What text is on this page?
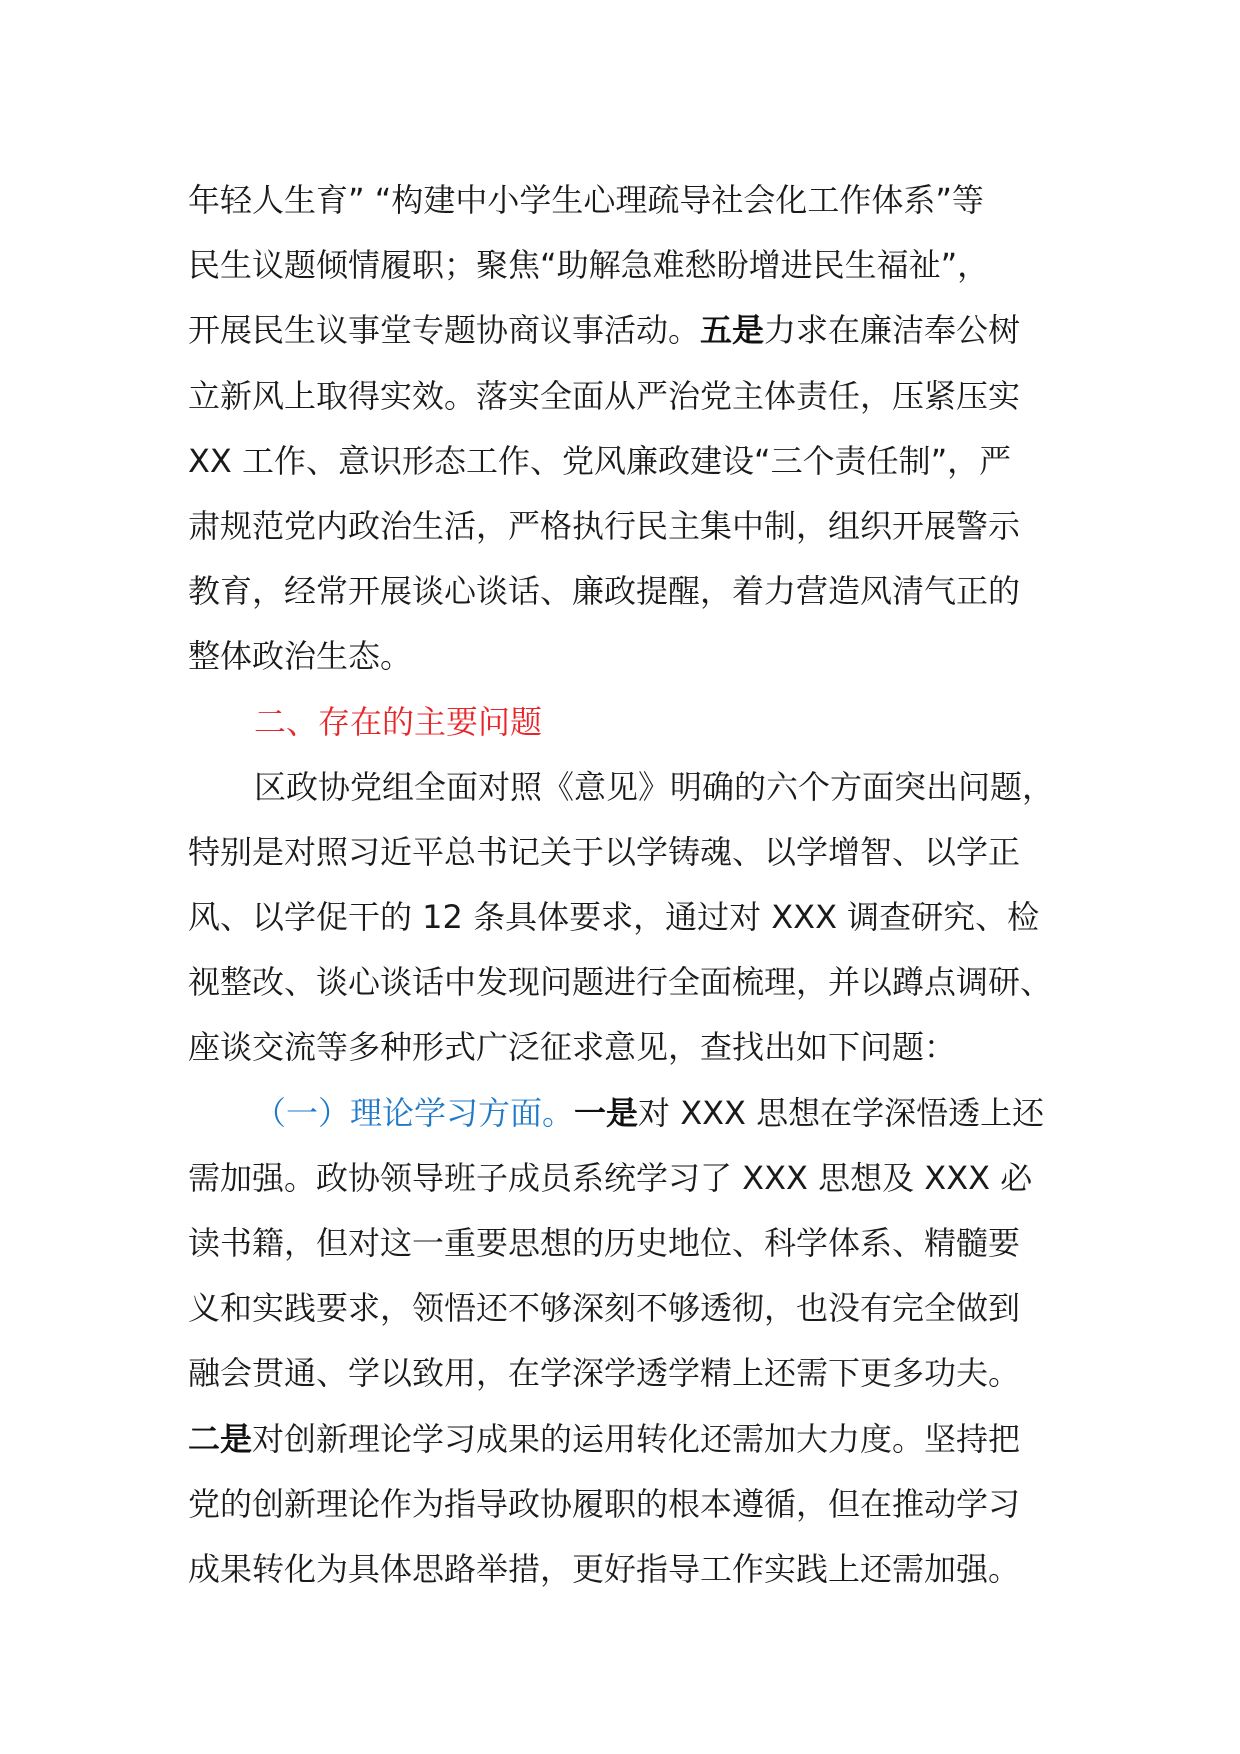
年轻人生育” “构建中小学生心理疏导社会化工作体系”等
民生议题倾情履职；聚焦“助解急难愁盼增进民生福祉”，
开展民生议事堂专题协商议事活动。五是力求在廉洁奉公树
立新风上取得实效。落实全面从严治党主体责任，压紧压实
XX 工作、意识形态工作、党风廉政建设“三个责任制”，严
肃规范党内政治生活，严格执行民主集中制，组织开展警示
教育，经常开展谈心谈话、廉政提醒，着力营造风清气正的
整体政治生态。
二、存在的主要问题
区政协党组全面对照《意见》明确的六个方面突出问题，
特别是对照习近平总书记关于以学铸魂、以学增智、以学正
风、以学促干的 12 条具体要求，通过对 XXX 调查研究、检
视整改、谈心谈话中发现问题进行全面梳理，并以蹲点调研、
座谈交流等多种形式广泛征求意见，查找出如下问题：
（一）理论学习方面。一是对 XXX 思想在学深悟透上还
需加强。政协领导班子成员系统学习了 XXX 思想及 XXX 必
读书籍，但对这一重要思想的历史地位、科学体系、精髓要
义和实践要求，领悟还不够深刻不够透彻，也没有完全做到
融会贯通、学以致用，在学深学透学精上还需下更多功夫。
二是对创新理论学习成果的运用转化还需加大力度。坚持把
党的创新理论作为指导政协履职的根本遵循，但在推动学习
成果转化为具体思路举措，更好指导工作实践上还需加强。
